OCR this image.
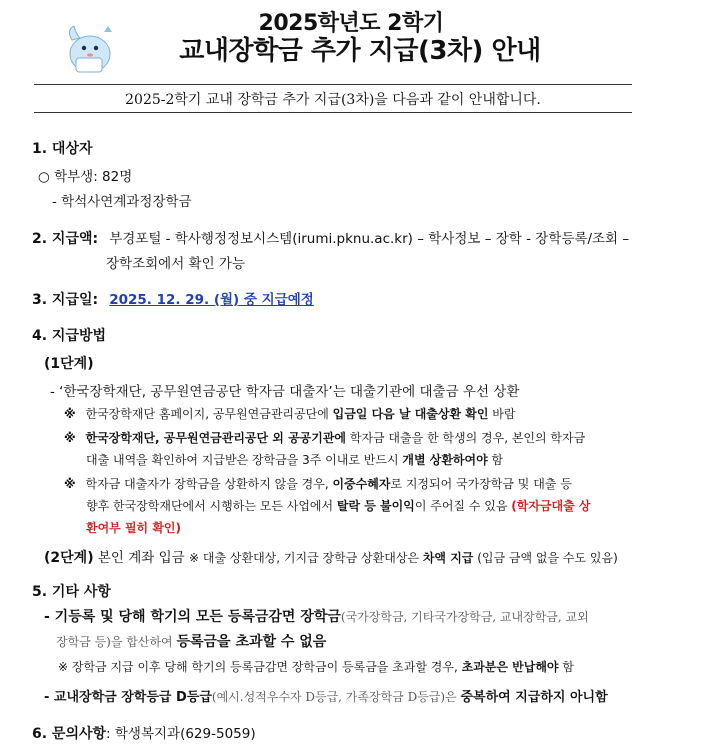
2025학년도 2학기
교내장학금 추가 지급(3차) 안내
2025-2학기 교내 장학금 추가 지급(3차)을 다음과 같이 안내합니다.
1. 대상자
○ 학부생: 82명
- 학석사연계과정장학금
2. 지급액: 부경포털 - 학사행정정보시스템(irumi.pknu.ac.kr) – 학사정보 – 장학 - 장학등록/조회 –
장학조회에서 확인 가능
3. 지급일: 2025. 12. 29. (월) 중 지급예정
4. 지급방법
(1단계)
- ‘한국장학재단, 공무원연금공단 학자금 대출자’는 대출기관에 대출금 우선 상환
※ 한국장학재단 홈페이지, 공무원연금관리공단에 입금일 다음 날 대출상환 확인 바람
※ 한국장학재단, 공무원연금관리공단 외 공공기관에 학자금 대출을 한 학생의 경우, 본인의 학자금
대출 내역을 확인하여 지급받은 장학금을 3주 이내로 반드시 개별 상환하여야 함
※ 학자금 대출자가 장학금을 상환하지 않을 경우, 이중수혜자로 지정되어 국가장학금 및 대출 등
향후 한국장학재단에서 시행하는 모든 사업에서 탈락 등 불이익이 주어질 수 있음 (학자금대출 상
환여부 필히 확인)
(2단계) 본인 계좌 입금 ※ 대출 상환대상, 기지급 장학금 상환대상은 차액 지급 (입금 금액 없을 수도 있음)
5. 기타 사항
- 기등록 및 당해 학기의 모든 등록금감면 장학금(국가장학금, 기타국가장학금, 교내장학금, 교외
장학금 등)을 합산하여 등록금을 초과할 수 없음
※ 장학금 지급 이후 당해 학기의 등록금감면 장학금이 등록금을 초과할 경우, 초과분은 반납해야 함
- 교내장학금 장학등급 D등급(예시.성적우수자 D등급, 가족장학금 D등급)은 중복하여 지급하지 아니함
6. 문의사항: 학생복지과(629-5059)
